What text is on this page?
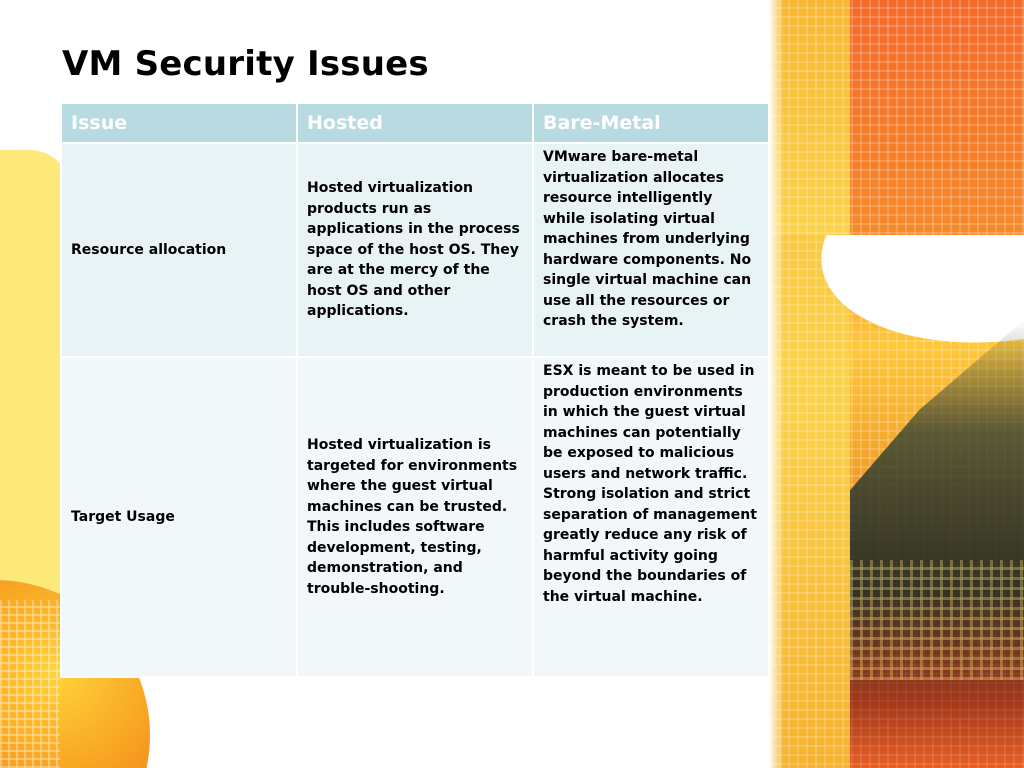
VM Security Issues
Issue	Hosted	Bare-Metal
Resource allocation	Hosted virtualization products run as applications in the process space of the host OS. They are at the mercy of the host OS and other applications.	VMware bare-metal virtualization allocates resource intelligently while isolating virtual machines from underlying hardware components. No single virtual machine can use all the resources or crash the system.
Target Usage	Hosted virtualization is targeted for environments where the guest virtual machines can be trusted. This includes software development, testing, demonstration, and trouble-shooting.	ESX is meant to be used in production environments in which the guest virtual machines can potentially be exposed to malicious users and network traffic. Strong isolation and strict separation of management greatly reduce any risk of harmful activity going beyond the boundaries of the virtual machine.
